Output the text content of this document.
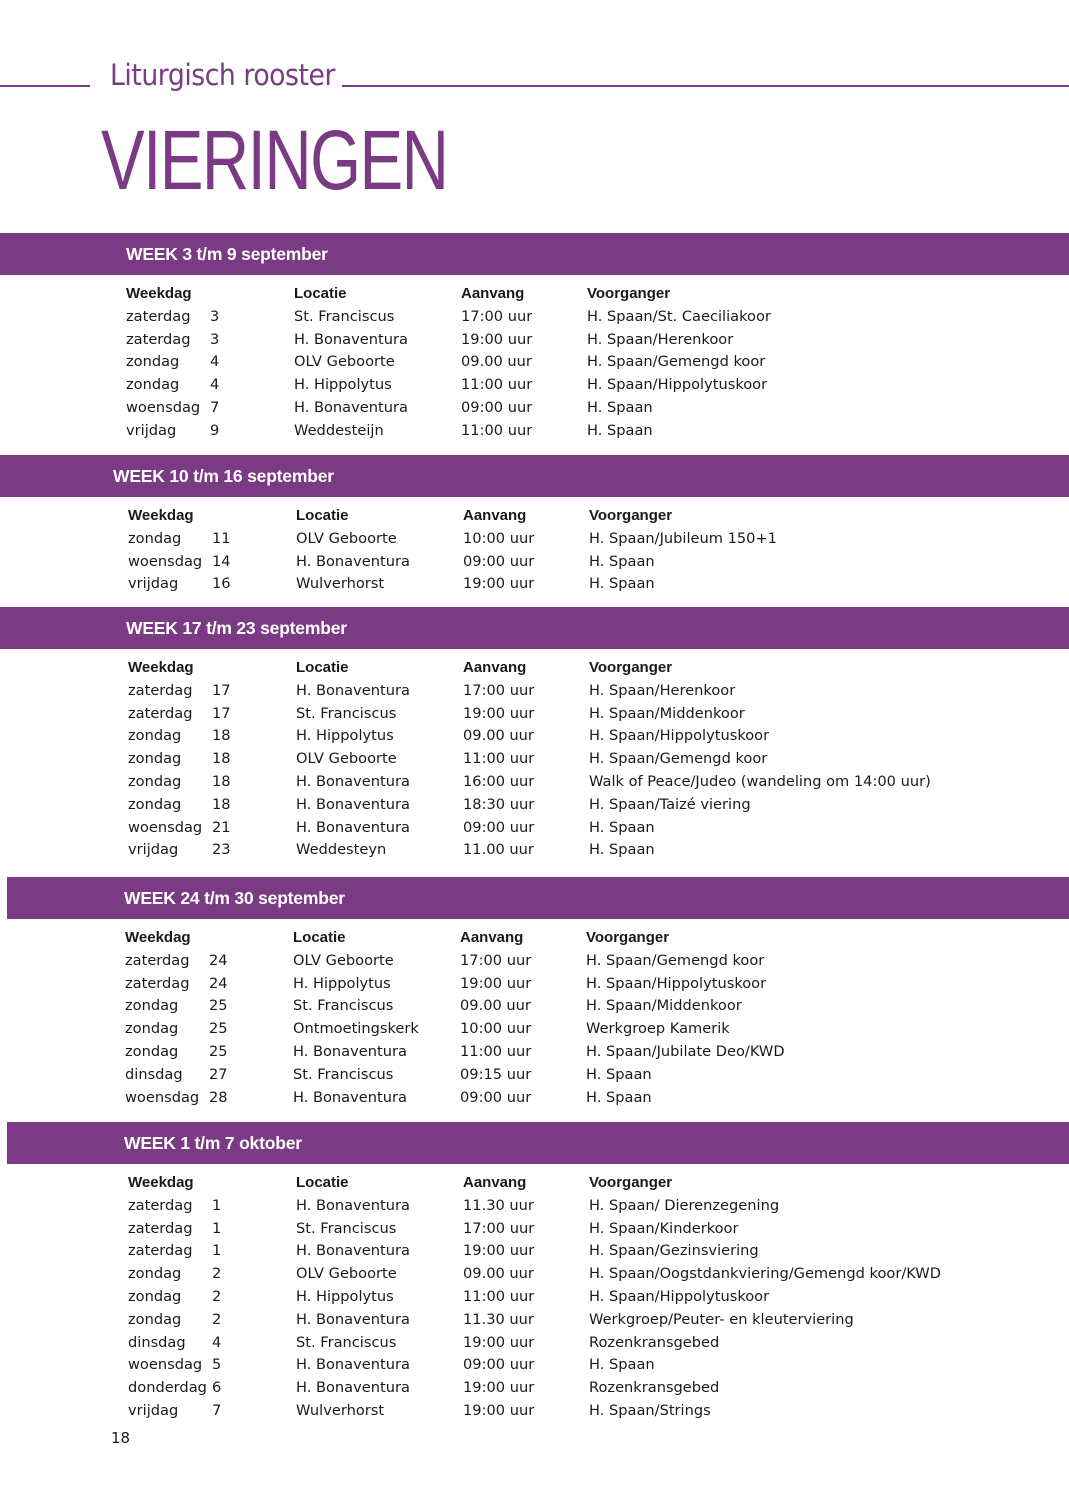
Liturgisch rooster
VIERINGEN
WEEK 3 t/m 9 september
Weekdag	Locatie	Aanvang	Voorganger
zaterdag 3	St. Franciscus	17:00 uur	H. Spaan/St. Caeciliakoor
zaterdag 3	H. Bonaventura	19:00 uur	H. Spaan/Herenkoor
zondag 4	OLV Geboorte	09.00 uur	H. Spaan/Gemengd koor
zondag 4	H. Hippolytus	11:00 uur	H. Spaan/Hippolytuskoor
woensdag 7	H. Bonaventura	09:00 uur	H. Spaan
vrijdag 9	Weddesteijn	11:00 uur	H. Spaan
WEEK 10 t/m 16 september
Weekdag	Locatie	Aanvang	Voorganger
zondag 11	OLV Geboorte	10:00 uur	H. Spaan/Jubileum 150+1
woensdag 14	H. Bonaventura	09:00 uur	H. Spaan
vrijdag 16	Wulverhorst	19:00 uur	H. Spaan
WEEK 17 t/m 23 september
Weekdag	Locatie	Aanvang	Voorganger
zaterdag 17	H. Bonaventura	17:00 uur	H. Spaan/Herenkoor
zaterdag 17	St. Franciscus	19:00 uur	H. Spaan/Middenkoor
zondag 18	H. Hippolytus	09.00 uur	H. Spaan/Hippolytuskoor
zondag 18	OLV Geboorte	11:00 uur	H. Spaan/Gemengd koor
zondag 18	H. Bonaventura	16:00 uur	Walk of Peace/Judeo (wandeling om 14:00 uur)
zondag 18	H. Bonaventura	18:30 uur	H. Spaan/Taizé viering
woensdag 21	H. Bonaventura	09:00 uur	H. Spaan
vrijdag 23	Weddesteyn	11.00 uur	H. Spaan
WEEK 24 t/m 30 september
Weekdag	Locatie	Aanvang	Voorganger
zaterdag 24	OLV Geboorte	17:00 uur	H. Spaan/Gemengd koor
zaterdag 24	H. Hippolytus	19:00 uur	H. Spaan/Hippolytuskoor
zondag 25	St. Franciscus	09.00 uur	H. Spaan/Middenkoor
zondag 25	Ontmoetingskerk	10:00 uur	Werkgroep Kamerik
zondag 25	H. Bonaventura	11:00 uur	H. Spaan/Jubilate Deo/KWD
dinsdag 27	St. Franciscus	09:15 uur	H. Spaan
woensdag 28	H. Bonaventura	09:00 uur	H. Spaan
WEEK 1 t/m 7 oktober
Weekdag	Locatie	Aanvang	Voorganger
zaterdag 1	H. Bonaventura	11.30 uur	H. Spaan/ Dierenzegening
zaterdag 1	St. Franciscus	17:00 uur	H. Spaan/Kinderkoor
zaterdag 1	H. Bonaventura	19:00 uur	H. Spaan/Gezinsviering
zondag 2	OLV Geboorte	09.00 uur	H. Spaan/Oogstdankviering/Gemengd koor/KWD
zondag 2	H. Hippolytus	11:00 uur	H. Spaan/Hippolytuskoor
zondag 2	H. Bonaventura	11.30 uur	Werkgroep/Peuter- en kleuterviering
dinsdag 4	St. Franciscus	19:00 uur	Rozenkransgebed
woensdag 5	H. Bonaventura	09:00 uur	H. Spaan
donderdag 6	H. Bonaventura	19:00 uur	Rozenkransgebed
vrijdag 7	Wulverhorst	19:00 uur	H. Spaan/Strings
18
